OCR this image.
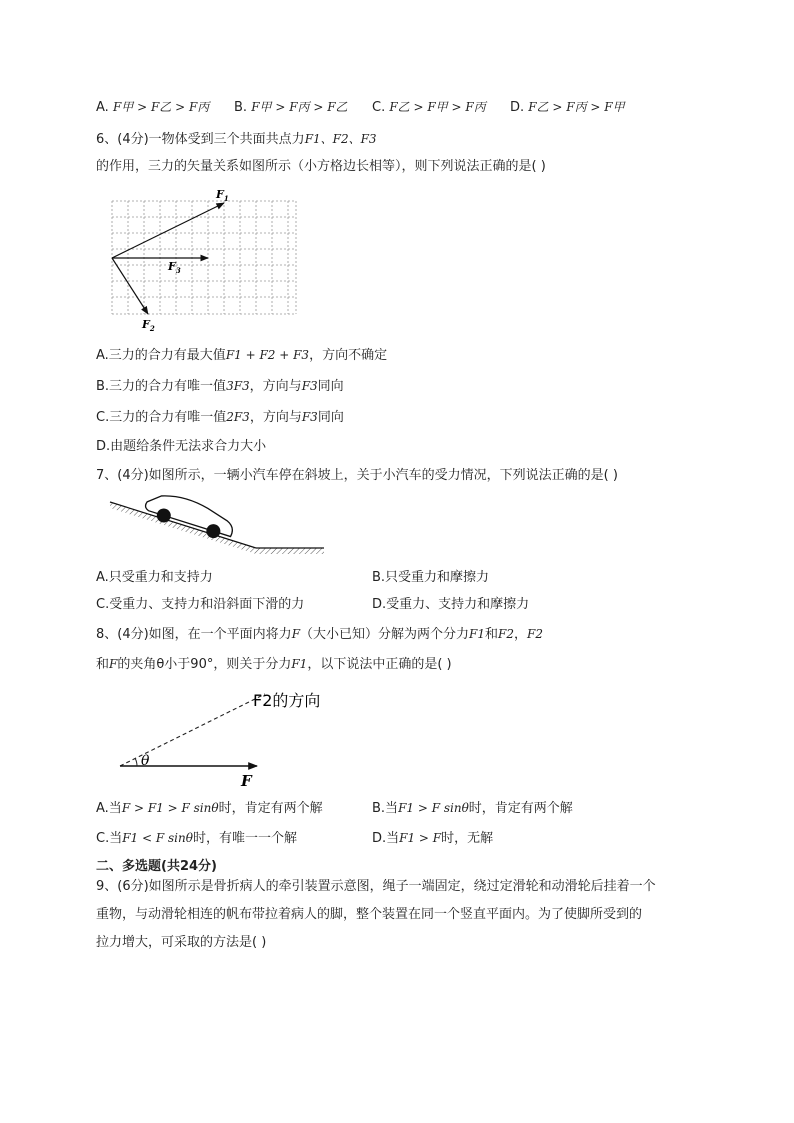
A. F甲 > F乙 > F丙 B. F甲 > F丙 > F乙 C. F乙 > F甲 > F丙 D. F乙 > F丙 > F甲
6、(4分)一物体受到三个共面共点力F1、F2、F3
的作用，三力的矢量关系如图所示（小方格边长相等），则下列说法正确的是( )
$F_1$
$F_3$
$F_2$
A.三力的合力有最大值F1 + F2 + F3，方向不确定
B.三力的合力有唯一值3F3，方向与F3同向
C.三力的合力有唯一值2F3，方向与F3同向
D.由题给条件无法求合力大小
7、(4分)如图所示，一辆小汽车停在斜坡上，关于小汽车的受力情况，下列说法正确的是( )
A.只受重力和支持力	B.只受重力和摩擦力
C.受重力、支持力和沿斜面下滑的力	D.受重力、支持力和摩擦力
8、(4分)如图，在一个平面内将力F（大小已知）分解为两个分力F1和F2，F2
和F的夹角θ小于90°，则关于分力F1，以下说法中正确的是( )
θ
F2的方向
F
A.当F > F1 > F sinθ时，肯定有两个解	B.当F1 > F sinθ时，肯定有两个解
C.当F1 < F sinθ时，有唯一一个解	D.当F1 > F时，无解
二、多选题(共24分)
9、(6分)如图所示是骨折病人的牵引装置示意图，绳子一端固定，绕过定滑轮和动滑轮后挂着一个
重物，与动滑轮相连的帆布带拉着病人的脚，整个装置在同一个竖直平面内。为了使脚所受到的
拉力增大，可采取的方法是( )
